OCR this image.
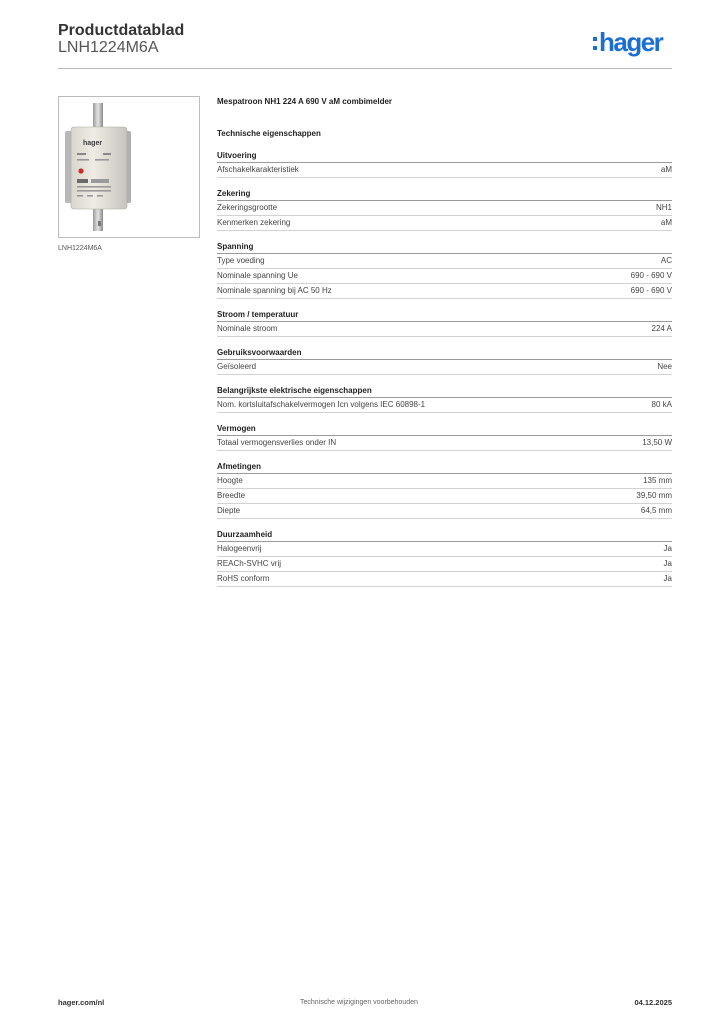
Productdatablad
LNH1224M6A	hager
hager
LNH1224M6A
Mespatroon NH1 224 A 690 V aM combimelder
Technische eigenschappen
Uitvoering
Afschakelkarakteristiek	aM
Zekering
Zekeringsgrootte	NH1
Kenmerken zekering	aM
Spanning
Type voeding	AC
Nominale spanning Ue	690 - 690 V
Nominale spanning bij AC 50 Hz	690 - 690 V
Stroom / temperatuur
Nominale stroom	224 A
Gebruiksvoorwaarden
Geïsoleerd	Nee
Belangrijkste elektrische eigenschappen
Nom. kortsluitafschakelvermogen Icn volgens IEC 60898-1	80 kA
Vermogen
Totaal vermogensverlies onder IN	13,50 W
Afmetingen
Hoogte	135 mm
Breedte	39,50 mm
Diepte	64,5 mm
Duurzaamheid
Halogeenvrij	Ja
REACh-SVHC vrij	Ja
RoHS conform	Ja
hager.com/nl	Technische wijzigingen voorbehouden	04.12.2025
